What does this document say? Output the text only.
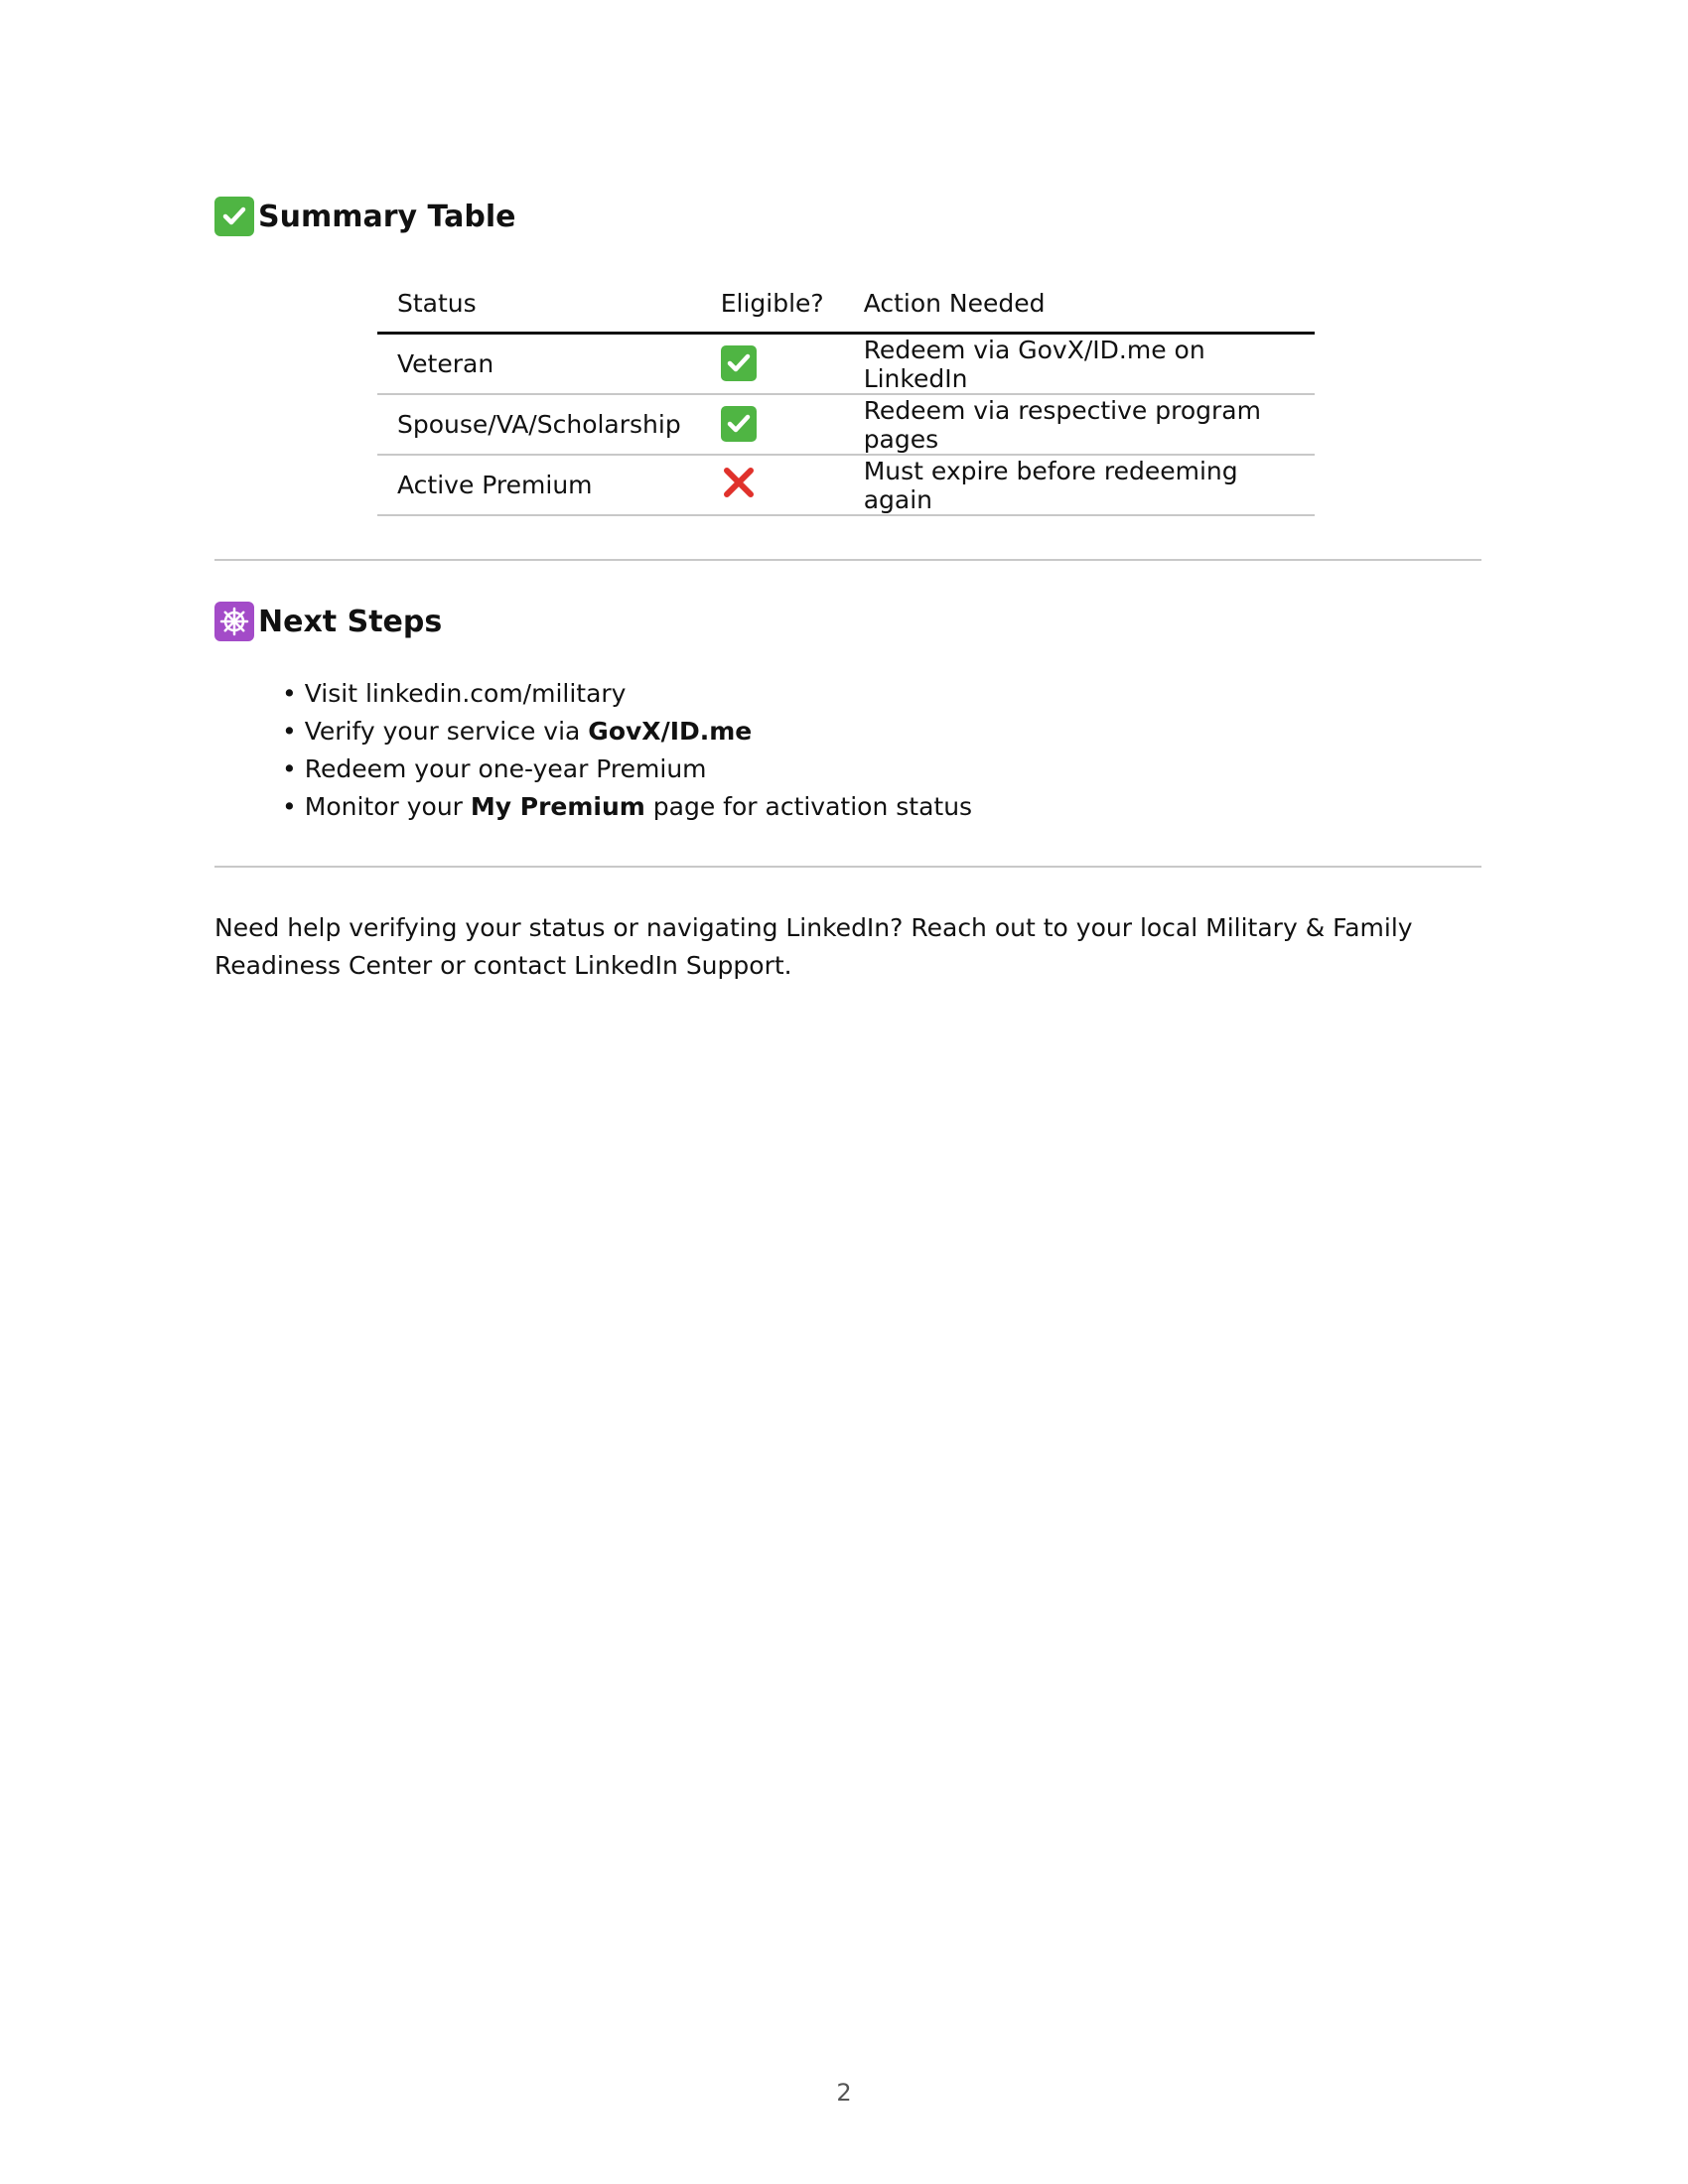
Summary Table
Status	Eligible?	Action Needed
Veteran		Redeem via GovX/ID.me on LinkedIn
Spouse/VA/Scholarship		Redeem via respective program pages
Active Premium		Must expire before redeeming again
Next Steps
• Visit linkedin.com/military
• Verify your service via GovX/ID.me
• Redeem your one-year Premium
• Monitor your My Premium page for activation status

Need help verifying your status or navigating LinkedIn? Reach out to your local Military & Family Readiness Center or contact LinkedIn Support.

2
